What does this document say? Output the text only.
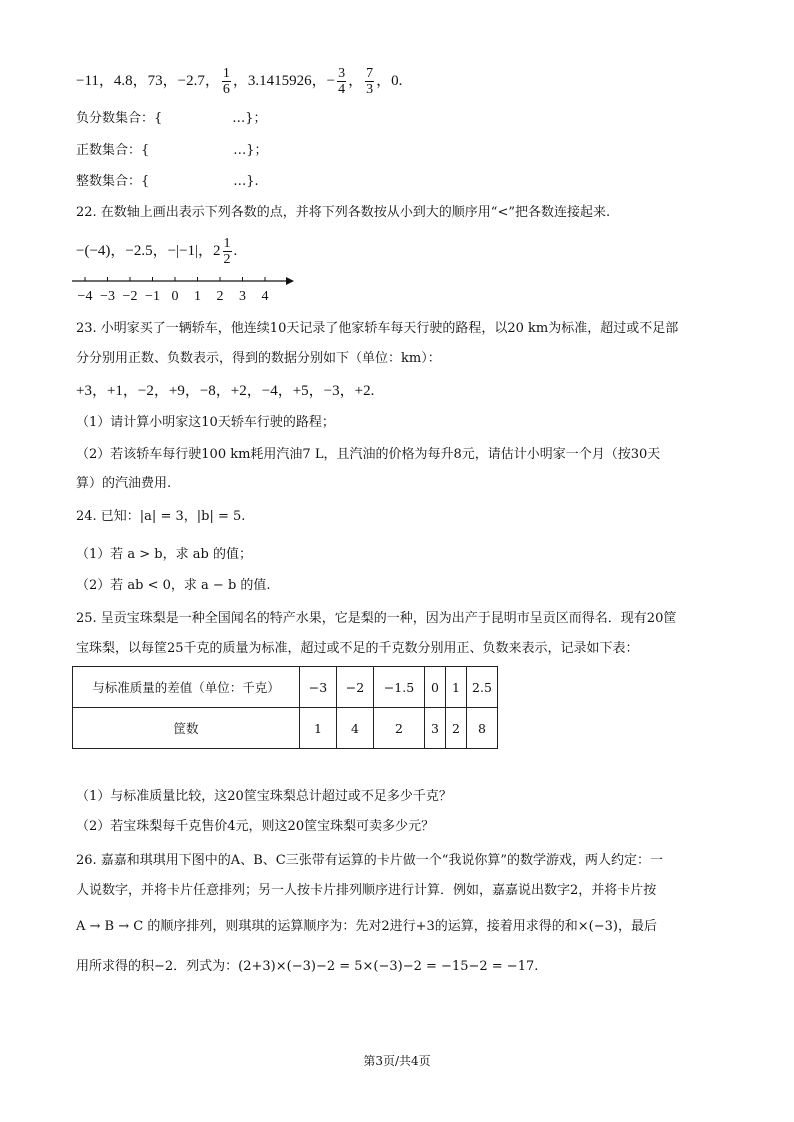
−11，4.8，73，−2.7， $\frac{1}{6}$ ，3.1415926，− $\frac{3}{4}$ ， $\frac{7}{3}$ ，0.
负分数集合：{	…}；
正数集合：{	…}；
整数集合：{	…}.
22. 在数轴上画出表示下列各数的点，并将下列各数按从小到大的顺序用“<”把各数连接起来.
−(−4)，−2.5，−|−1|，$2 \frac{1}{2}$ .
−4 −3 −2 −1 0 1 2 3 4
23. 小明家买了一辆轿车，他连续10天记录了他家轿车每天行驶的路程，以20 km为标准，超过或不足部
分分别用正数、负数表示，得到的数据分别如下（单位：km）：
+3，+1，−2，+9，−8，+2，−4，+5，−3，+2.
（1）请计算小明家这10天轿车行驶的路程；
（2）若该轿车每行驶100 km耗用汽油7 L，且汽油的价格为每升8元，请估计小明家一个月（按30天
算）的汽油费用.
24. 已知：|a| = 3，|b| = 5.
（1）若 a > b，求 ab 的值；
（2）若 ab < 0，求 a − b 的值.
25. 呈贡宝珠梨是一种全国闻名的特产水果，它是梨的一种，因为出产于昆明市呈贡区而得名．现有20筐
宝珠梨，以每筐25千克的质量为标准，超过或不足的千克数分别用正、负数来表示，记录如下表：
与标准质量的差值（单位：千克）	−3	−2	−1.5	0	1	2.5
筐数	1	4	2	3	2	8
（1）与标准质量比较，这20筐宝珠梨总计超过或不足多少千克？
（2）若宝珠梨每千克售价4元，则这20筐宝珠梨可卖多少元？
26. 嘉嘉和琪琪用下图中的A、B、C三张带有运算的卡片做一个“我说你算”的数学游戏，两人约定：一
人说数字，并将卡片任意排列；另一人按卡片排列顺序进行计算．例如，嘉嘉说出数字2，并将卡片按
A → B → C 的顺序排列，则琪琪的运算顺序为：先对2进行+3的运算，接着用求得的和×(−3)，最后
用所求得的积−2．列式为：(2+3)×(−3)−2 = 5×(−3)−2 = −15−2 = −17.
第3页/共4页
